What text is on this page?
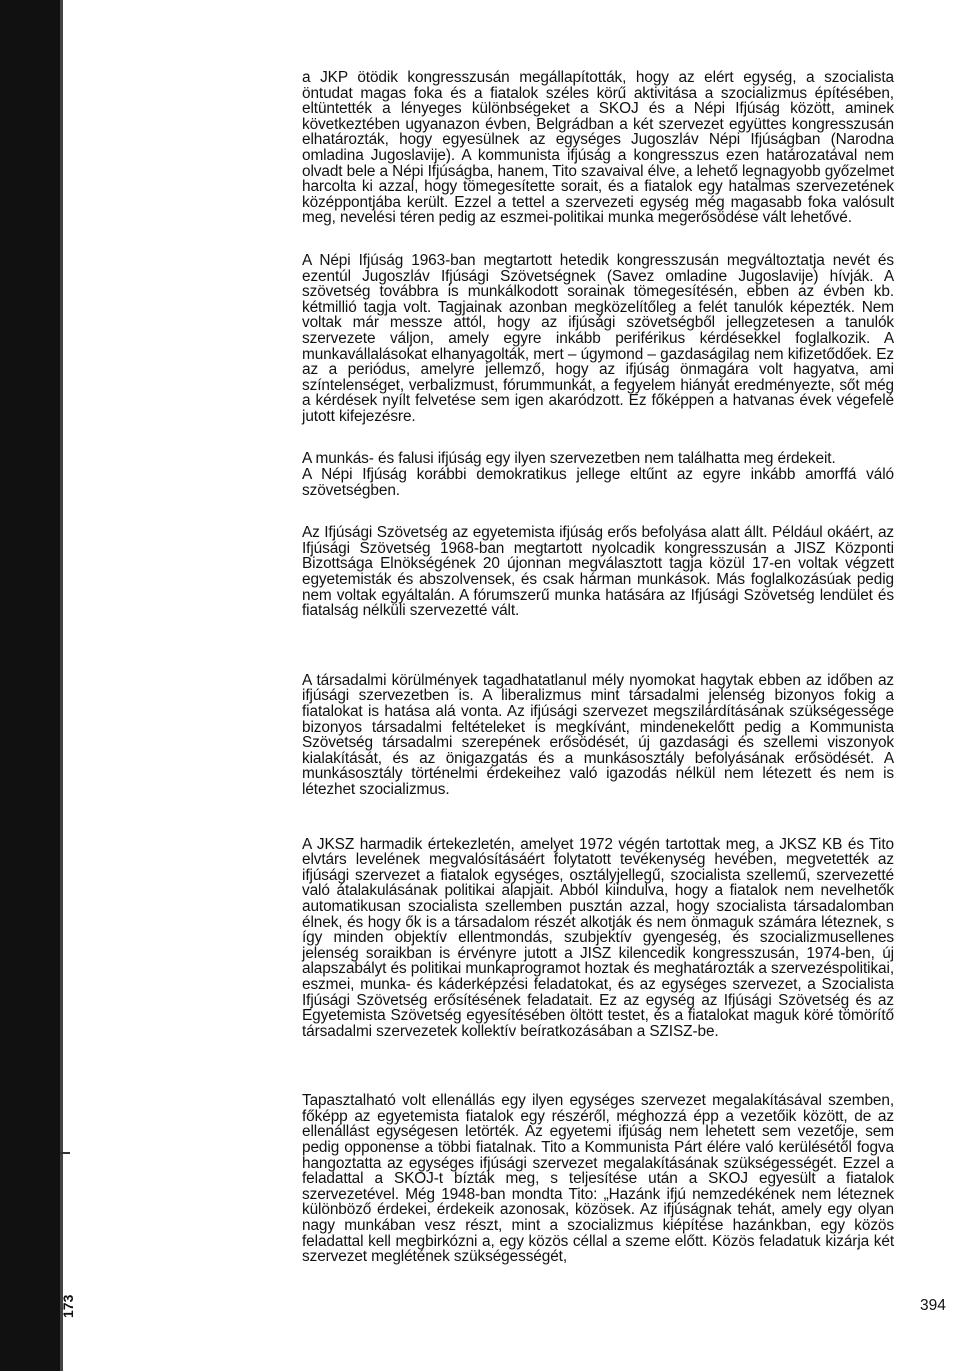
173

a JKP ötödik kongresszusán megállapították, hogy az elért egység, a szocialista öntudat magas foka és a fiatalok széles körű aktivitása a szocializmus építésében, eltüntették a lényeges különbségeket a SKOJ és a Népi Ifjúság között, aminek következtében ugyanazon évben, Belgrádban a két szervezet együttes kongresszusán elhatározták, hogy egyesülnek az egységes Jugoszláv Népi Ifjúságban (Narodna omladina Jugoslavije). A kommunista ifjúság a kongresszus ezen határozatával nem olvadt bele a Népi Ifjúságba, hanem, Tito szavaival élve, a lehető legnagyobb győzelmet harcolta ki azzal, hogy tömegesítette sorait, és a fiatalok egy hatalmas szervezetének középpontjába került. Ezzel a tettel a szervezeti egység még magasabb foka valósult meg, nevelési téren pedig az eszmei-politikai munka megerősödése vált lehetővé.

A Népi Ifjúság 1963-ban megtartott hetedik kongresszusán megváltoztatja nevét és ezentúl Jugoszláv Ifjúsági Szövetségnek (Savez omladine Jugoslavije) hívják. A szövetség továbbra is munkálkodott sorainak tömegesítésén, ebben az évben kb. kétmillió tagja volt. Tagjainak azonban megközelítőleg a felét tanulók képezték. Nem voltak már messze attól, hogy az ifjúsági szövetségből jellegzetesen a tanulók szervezete váljon, amely egyre inkább periférikus kérdésekkel foglalkozik. A munkavállalásokat elhanyagolták, mert – úgymond – gazdaságilag nem kifizetődőek. Ez az a periódus, amelyre jellemző, hogy az ifjúság önmagára volt hagyatva, ami színtelenséget, verbalizmust, fórummunkát, a fegyelem hiányát eredményezte, sőt még a kérdések nyílt felvetése sem igen akaródzott. Ez főképpen a hatvanas évek végefelé jutott kifejezésre.

A munkás- és falusi ifjúság egy ilyen szervezetben nem találhatta meg érdekeit.
A Népi Ifjúság korábbi demokratikus jellege eltűnt az egyre inkább amorffá váló szövetségben.

Az Ifjúsági Szövetség az egyetemista ifjúság erős befolyása alatt állt. Például okáért, az Ifjúsági Szövetség 1968-ban megtartott nyolcadik kongresszusán a JISZ Központi Bizottsága Elnökségének 20 újonnan megválasztott tagja közül 17-en voltak végzett egyetemisták és abszolvensek, és csak hárman munkások. Más foglalkozásúak pedig nem voltak egyáltalán. A fórumszerű munka hatására az Ifjúsági Szövetség lendület és fiatalság nélküli szervezetté vált.

A társadalmi körülmények tagadhatatlanul mély nyomokat hagytak ebben az időben az ifjúsági szervezetben is. A liberalizmus mint társadalmi jelenség bizonyos fokig a fiatalokat is hatása alá vonta. Az ifjúsági szervezet megszilárdításának szükségessége bizonyos társadalmi feltételeket is megkívánt, mindenekelőtt pedig a Kommunista Szövetség társadalmi szerepének erősödését, új gazdasági és szellemi viszonyok kialakítását, és az önigazgatás és a munkásosztály befolyásának erősödését. A munkásosztály történelmi érdekeihez való igazodás nélkül nem létezett és nem is létezhet szocializmus.

A JKSZ harmadik értekezletén, amelyet 1972 végén tartottak meg, a JKSZ KB és Tito elvtárs levelének megvalósításáért folytatott tevékenység hevében, megvetették az ifjúsági szervezet a fiatalok egységes, osztályjellegű, szocialista szellemű, szervezetté való átalakulásának politikai alapjait. Abból kiindulva, hogy a fiatalok nem nevelhetők automatikusan szocialista szellemben pusztán azzal, hogy szocialista társadalomban élnek, és hogy ők is a társadalom részét alkotják és nem önmaguk számára léteznek, s így minden objektív ellentmondás, szubjektív gyengeség, és szocializmusellenes jelenség soraikban is érvényre jutott a JISZ kilencedik kongresszusán, 1974-ben, új alapszabályt és politikai munkaprogramot hoztak és meghatározták a szervezéspolitikai, eszmei, munka- és káderképzési feladatokat, és az egységes szervezet, a Szocialista Ifjúsági Szövetség erősítésének feladatait. Ez az egység az Ifjúsági Szövetség és az Egyetemista Szövetség egyesítésében öltött testet, és a fiatalokat maguk köré tömörítő társadalmi szervezetek kollektív beíratkozásában a SZISZ-be.

Tapasztalható volt ellenállás egy ilyen egységes szervezet megalakításával szemben, főképp az egyetemista fiatalok egy részéről, méghozzá épp a vezetőik között, de az ellenállást egységesen letörték. Az egyetemi ifjúság nem lehetett sem vezetője, sem pedig opponense a többi fiatalnak. Tito a Kommunista Párt élére való kerülésétől fogva hangoztatta az egységes ifjúsági szervezet megalakításának szükségességét. Ezzel a feladattal a SKOJ-t bízták meg, s teljesítése után a SKOJ egyesült a fiatalok szervezetével. Még 1948-ban mondta Tito: „Hazánk ifjú nemzedékének nem léteznek különböző érdekei, érdekeik azonosak, közösek. Az ifjúságnak tehát, amely egy olyan nagy munkában vesz részt, mint a szocializmus kiépítése hazánkban, egy közös feladattal kell megbirkózni a, egy közös céllal a szeme előtt. Közös feladatuk kizárja két szervezet meglétének szükségességét,

394
